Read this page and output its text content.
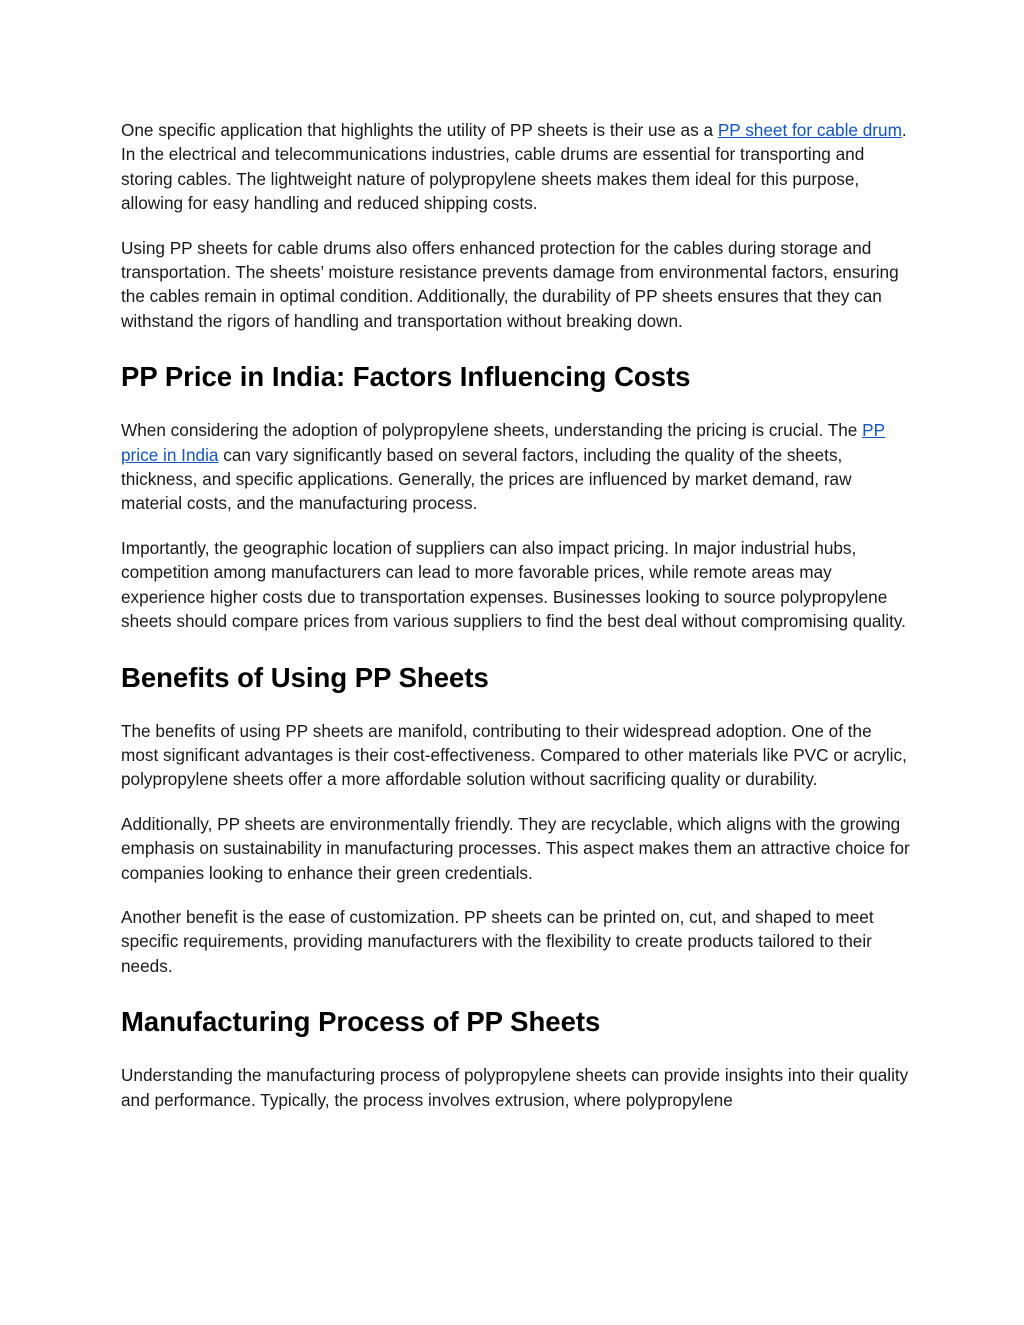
One specific application that highlights the utility of PP sheets is their use as a PP sheet for cable drum. In the electrical and telecommunications industries, cable drums are essential for transporting and storing cables. The lightweight nature of polypropylene sheets makes them ideal for this purpose, allowing for easy handling and reduced shipping costs.

Using PP sheets for cable drums also offers enhanced protection for the cables during storage and transportation. The sheets’ moisture resistance prevents damage from environmental factors, ensuring the cables remain in optimal condition. Additionally, the durability of PP sheets ensures that they can withstand the rigors of handling and transportation without breaking down.

PP Price in India: Factors Influencing Costs

When considering the adoption of polypropylene sheets, understanding the pricing is crucial. The PP price in India can vary significantly based on several factors, including the quality of the sheets, thickness, and specific applications. Generally, the prices are influenced by market demand, raw material costs, and the manufacturing process.

Importantly, the geographic location of suppliers can also impact pricing. In major industrial hubs, competition among manufacturers can lead to more favorable prices, while remote areas may experience higher costs due to transportation expenses. Businesses looking to source polypropylene sheets should compare prices from various suppliers to find the best deal without compromising quality.

Benefits of Using PP Sheets

The benefits of using PP sheets are manifold, contributing to their widespread adoption. One of the most significant advantages is their cost-effectiveness. Compared to other materials like PVC or acrylic, polypropylene sheets offer a more affordable solution without sacrificing quality or durability.

Additionally, PP sheets are environmentally friendly. They are recyclable, which aligns with the growing emphasis on sustainability in manufacturing processes. This aspect makes them an attractive choice for companies looking to enhance their green credentials.

Another benefit is the ease of customization. PP sheets can be printed on, cut, and shaped to meet specific requirements, providing manufacturers with the flexibility to create products tailored to their needs.

Manufacturing Process of PP Sheets

Understanding the manufacturing process of polypropylene sheets can provide insights into their quality and performance. Typically, the process involves extrusion, where polypropylene
